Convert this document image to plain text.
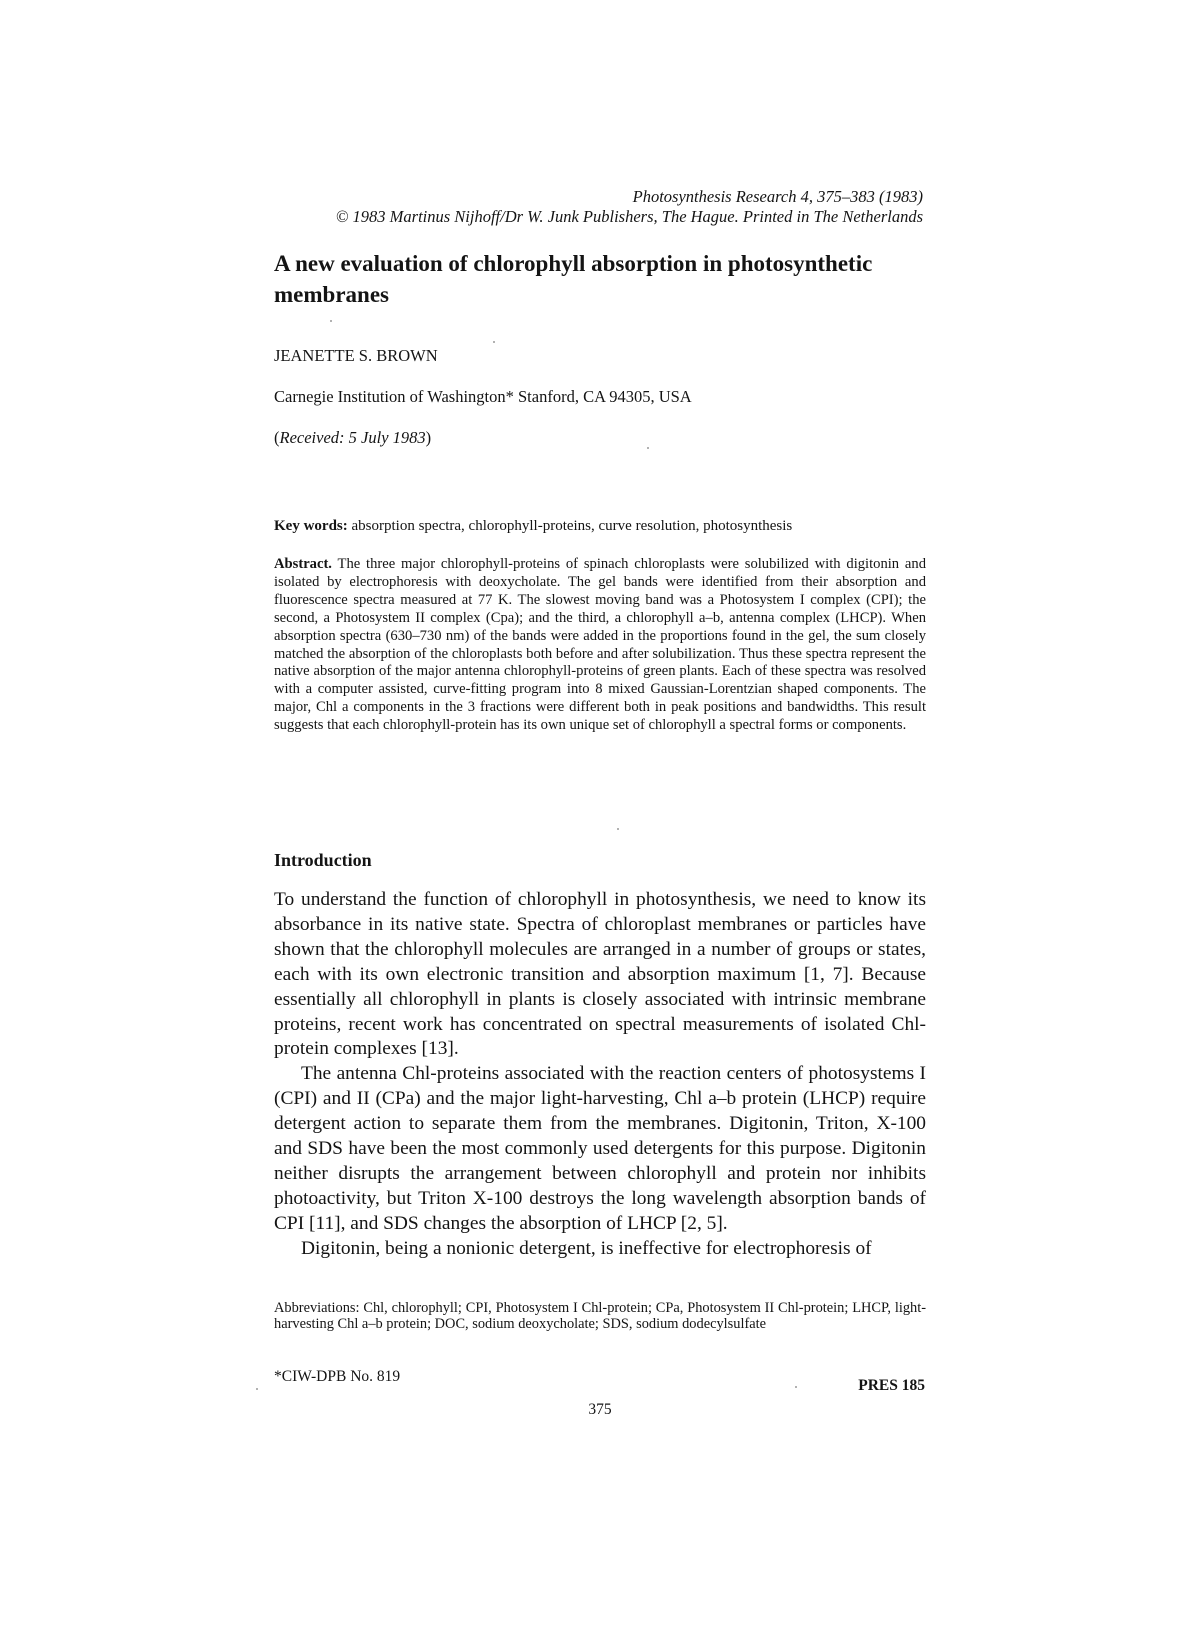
Photosynthesis Research 4, 375–383 (1983)
© 1983 Martinus Nijhoff/Dr W. Junk Publishers, The Hague. Printed in The Netherlands
A new evaluation of chlorophyll absorption in photosynthetic membranes
JEANETTE S. BROWN
Carnegie Institution of Washington* Stanford, CA 94305, USA
(Received: 5 July 1983)
Key words: absorption spectra, chlorophyll-proteins, curve resolution, photosynthesis
Abstract. The three major chlorophyll-proteins of spinach chloroplasts were solubilized with digitonin and isolated by electrophoresis with deoxycholate. The gel bands were identified from their absorption and fluorescence spectra measured at 77 K. The slowest moving band was a Photosystem I complex (CPI); the second, a Photosystem II complex (Cpa); and the third, a chlorophyll a–b, antenna complex (LHCP). When absorption spectra (630–730 nm) of the bands were added in the proportions found in the gel, the sum closely matched the absorption of the chloroplasts both before and after solubilization. Thus these spectra represent the native absorption of the major antenna chlorophyll-proteins of green plants. Each of these spectra was resolved with a computer assisted, curve-fitting program into 8 mixed Gaussian-Lorentzian shaped components. The major, Chl a components in the 3 fractions were different both in peak positions and bandwidths. This result suggests that each chlorophyll-protein has its own unique set of chlorophyll a spectral forms or components.
Introduction

To understand the function of chlorophyll in photosynthesis, we need to know its absorbance in its native state. Spectra of chloroplast membranes or particles have shown that the chlorophyll molecules are arranged in a number of groups or states, each with its own electronic transition and absorption maximum [1, 7]. Because essentially all chlorophyll in plants is closely associated with intrinsic membrane proteins, recent work has concentrated on spectral measurements of isolated Chl-protein complexes [13].

The antenna Chl-proteins associated with the reaction centers of photosystems I (CPI) and II (CPa) and the major light-harvesting, Chl a–b protein (LHCP) require detergent action to separate them from the membranes. Digitonin, Triton, X-100 and SDS have been the most commonly used detergents for this purpose. Digitonin neither disrupts the arrangement between chlorophyll and protein nor inhibits photoactivity, but Triton X-100 destroys the long wavelength absorption bands of CPI [11], and SDS changes the absorption of LHCP [2, 5].

Digitonin, being a nonionic detergent, is ineffective for electrophoresis of

Abbreviations: Chl, chlorophyll; CPI, Photosystem I Chl-protein; CPa, Photosystem II Chl-protein; LHCP, light-harvesting Chl a–b protein; DOC, sodium deoxycholate; SDS, sodium dodecylsulfate
*CIW-DPB No. 819
PRES 185
375
